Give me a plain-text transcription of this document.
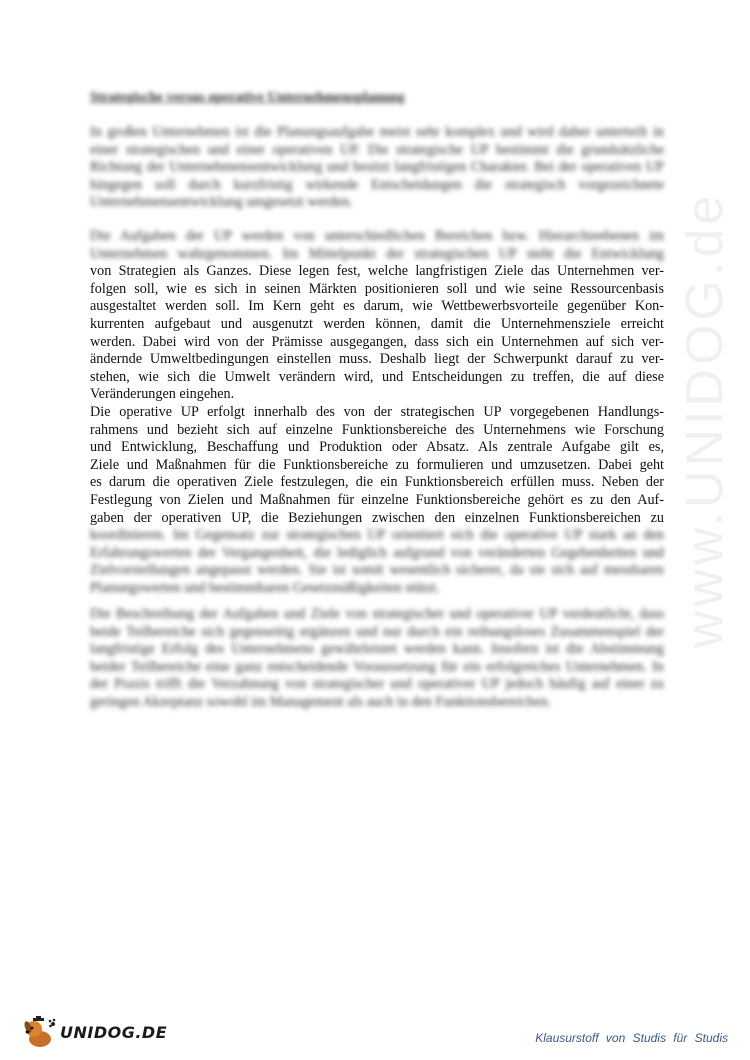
www.UNIDOG.de
Strategische versus operative Unternehmensplanung

In großen Unternehmen ist die Planungsaufgabe meist sehr komplex und wird daher unterteilt in einer strategischen und einer operativen UP. Die strategische UP bestimmt die grundsätzliche Richtung der Unternehmensentwicklung und besitzt langfristigen Charakter. Bei der operativen UP hingegen soll durch kurzfristig wirkende Entscheidungen die strategisch vorgezeichnete Unternehmensentwicklung umgesetzt werden.

Die Aufgaben der UP werden von unterschiedlichen Bereichen bzw. Hierarchieebenen im
Unternehmen wahrgenommen. Im Mittelpunkt der strategischen UP steht die Entwicklung
von Strategien als Ganzes. Diese legen fest, welche langfristigen Ziele das Unternehmen ver-
folgen soll, wie es sich in seinen Märkten positionieren soll und wie seine Ressourcenbasis
ausgestaltet werden soll. Im Kern geht es darum, wie Wettbewerbsvorteile gegenüber Kon-
kurrenten aufgebaut und ausgenutzt werden können, damit die Unternehmensziele erreicht
werden. Dabei wird von der Prämisse ausgegangen, dass sich ein Unternehmen auf sich ver-
ändernde Umweltbedingungen einstellen muss. Deshalb liegt der Schwerpunkt darauf zu ver-
stehen, wie sich die Umwelt verändern wird, und Entscheidungen zu treffen, die auf diese
Veränderungen eingehen.
Die operative UP erfolgt innerhalb des von der strategischen UP vorgegebenen Handlungs-
rahmens und bezieht sich auf einzelne Funktionsbereiche des Unternehmens wie Forschung
und Entwicklung, Beschaffung und Produktion oder Absatz. Als zentrale Aufgabe gilt es,
Ziele und Maßnahmen für die Funktionsbereiche zu formulieren und umzusetzen. Dabei geht
es darum die operativen Ziele festzulegen, die ein Funktionsbereich erfüllen muss. Neben der
Festlegung von Zielen und Maßnahmen für einzelne Funktionsbereiche gehört es zu den Auf-
gaben der operativen UP, die Beziehungen zwischen den einzelnen Funktionsbereichen zu
koordinieren. Im Gegensatz zur strategischen UP orientiert sich die operative UP stark an den Erfahrungswerten der Vergangenheit, die lediglich aufgrund von veränderten Gegebenheiten und Zielvorstellungen angepasst werden. Sie ist somit wesentlich sicherer, da sie sich auf messbaren Planungswerten und bestimmbaren Gesetzmäßigkeiten stützt.

Die Beschreibung der Aufgaben und Ziele von strategischer und operativer UP verdeutlicht, dass beide Teilbereiche sich gegenseitig ergänzen und nur durch ein reibungsloses Zusammenspiel der langfristige Erfolg des Unternehmens gewährleistet werden kann. Insofern ist die Abstimmung beider Teilbereiche eine ganz entscheidende Voraussetzung für ein erfolgreiches Unternehmen. In der Praxis trifft die Verzahnung von strategischer und operativer UP jedoch häufig auf einer zu geringen Akzeptanz sowohl im Management als auch in den Funktionsbereichen.

UNIDOG.DE	Klausurstoff von Studis für Studis
